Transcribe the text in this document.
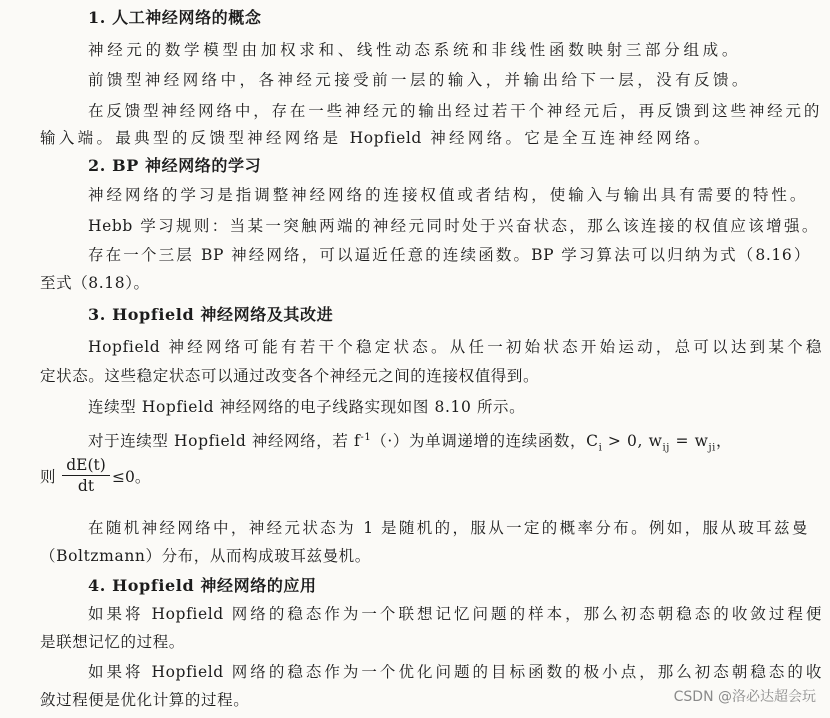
1. 人工神经网络的概念
神经元的数学模型由加权求和、线性动态系统和非线性函数映射三部分组成。
前馈型神经网络中，各神经元接受前一层的输入，并输出给下一层，没有反馈。
在反馈型神经网络中，存在一些神经元的输出经过若干个神经元后，再反馈到这些神经元的
输入端。最典型的反馈型神经网络是 Hopfield 神经网络。它是全互连神经网络。
2. BP 神经网络的学习
神经网络的学习是指调整神经网络的连接权值或者结构，使输入与输出具有需要的特性。
Hebb 学习规则：当某一突触两端的神经元同时处于兴奋状态，那么该连接的权值应该增强。
存在一个三层 BP 神经网络，可以逼近任意的连续函数。BP 学习算法可以归纳为式（8.16）
至式（8.18）。
3. Hopfield 神经网络及其改进
Hopfield 神经网络可能有若干个稳定状态。从任一初始状态开始运动，总可以达到某个稳
定状态。这些稳定状态可以通过改变各个神经元之间的连接权值得到。
连续型 Hopfield 神经网络的电子线路实现如图 8.10 所示。
对于连续型 Hopfield 神经网络，若 $f^{-1}(\cdot)$为单调递增的连续函数，$C_i > 0$, $w_{ij} = w_{ji}$，
则 $\frac{dE(t)}{dt} \le 0$。
在随机神经网络中，神经元状态为 1 是随机的，服从一定的概率分布。例如，服从玻耳兹曼
（Boltzmann）分布，从而构成玻耳兹曼机。
4. Hopfield 神经网络的应用
如果将 Hopfield 网络的稳态作为一个联想记忆问题的样本，那么初态朝稳态的收敛过程便
是联想记忆的过程。
如果将 Hopfield 网络的稳态作为一个优化问题的目标函数的极小点，那么初态朝稳态的收
敛过程便是优化计算的过程。	CSDN @洛必达超会玩
